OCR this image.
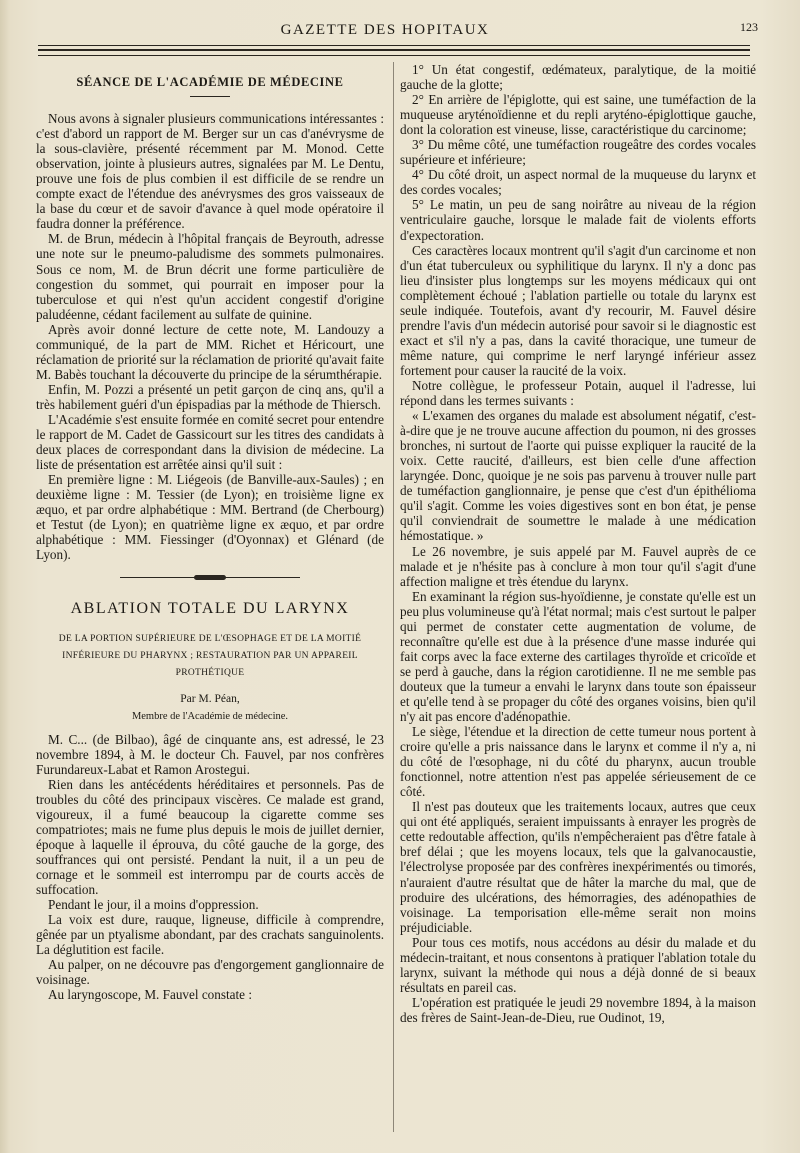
GAZETTE DES HOPITAUX	123
SÉANCE DE L'ACADÉMIE DE MÉDECINE

Nous avons à signaler plusieurs communications intéressantes : c'est d'abord un rapport de M. Berger sur un cas d'anévrysme de la sous-clavière, présenté récemment par M. Monod. Cette observation, jointe à plusieurs autres, signalées par M. Le Dentu, prouve une fois de plus combien il est difficile de se rendre un compte exact de l'étendue des anévrysmes des gros vaisseaux de la base du cœur et de savoir d'avance à quel mode opératoire il faudra donner la préférence.

M. de Brun, médecin à l'hôpital français de Beyrouth, adresse une note sur le pneumo-paludisme des sommets pulmonaires. Sous ce nom, M. de Brun décrit une forme particulière de congestion du sommet, qui pourrait en imposer pour la tuberculose et qui n'est qu'un accident congestif d'origine paludéenne, cédant facilement au sulfate de quinine.

Après avoir donné lecture de cette note, M. Landouzy a communiqué, de la part de MM. Richet et Héricourt, une réclamation de priorité sur la réclamation de priorité qu'avait faite M. Babès touchant la découverte du principe de la sérumthérapie.

Enfin, M. Pozzi a présenté un petit garçon de cinq ans, qu'il a très habilement guéri d'un épispadias par la méthode de Thiersch.

L'Académie s'est ensuite formée en comité secret pour entendre le rapport de M. Cadet de Gassicourt sur les titres des candidats à deux places de correspondant dans la division de médecine. La liste de présentation est arrêtée ainsi qu'il suit :

En première ligne : M. Liégeois (de Banville-aux-Saules) ; en deuxième ligne : M. Tessier (de Lyon); en troisième ligne ex æquo, et par ordre alphabétique : MM. Bertrand (de Cherbourg) et Testut (de Lyon); en quatrième ligne ex æquo, et par ordre alphabétique : MM. Fiessinger (d'Oyonnax) et Glénard (de Lyon).

ABLATION TOTALE DU LARYNX
DE LA PORTION SUPÉRIEURE DE L'ŒSOPHAGE ET DE LA MOITIÉ INFÉRIEURE DU PHARYNX ; RESTAURATION PAR UN APPAREIL PROTHÉTIQUE
Par M. Péan,
Membre de l'Académie de médecine.

M. C... (de Bilbao), âgé de cinquante ans, est adressé, le 23 novembre 1894, à M. le docteur Ch. Fauvel, par nos confrères Furundareux-Labat et Ramon Arostegui.

Rien dans les antécédents héréditaires et personnels. Pas de troubles du côté des principaux viscères. Ce malade est grand, vigoureux, il a fumé beaucoup la cigarette comme ses compatriotes; mais ne fume plus depuis le mois de juillet dernier, époque à laquelle il éprouva, du côté gauche de la gorge, des souffrances qui ont persisté. Pendant la nuit, il a un peu de cornage et le sommeil est interrompu par de courts accès de suffocation.

Pendant le jour, il a moins d'oppression.

La voix est dure, rauque, ligneuse, difficile à comprendre, gênée par un ptyalisme abondant, par des crachats sanguinolents. La déglutition est facile.

Au palper, on ne découvre pas d'engorgement ganglionnaire de voisinage.

Au laryngoscope, M. Fauvel constate :

1° Un état congestif, œdémateux, paralytique, de la moitié gauche de la glotte;

2° En arrière de l'épiglotte, qui est saine, une tuméfaction de la muqueuse aryténoïdienne et du repli aryténo-épiglottique gauche, dont la coloration est vineuse, lisse, caractéristique du carcinome;

3° Du même côté, une tuméfaction rougeâtre des cordes vocales supérieure et inférieure;

4° Du côté droit, un aspect normal de la muqueuse du larynx et des cordes vocales;

5° Le matin, un peu de sang noirâtre au niveau de la région ventriculaire gauche, lorsque le malade fait de violents efforts d'expectoration.

Ces caractères locaux montrent qu'il s'agit d'un carcinome et non d'un état tuberculeux ou syphilitique du larynx. Il n'y a donc pas lieu d'insister plus longtemps sur les moyens médicaux qui ont complètement échoué ; l'ablation partielle ou totale du larynx est seule indiquée. Toutefois, avant d'y recourir, M. Fauvel désire prendre l'avis d'un médecin autorisé pour savoir si le diagnostic est exact et s'il n'y a pas, dans la cavité thoracique, une tumeur de même nature, qui comprime le nerf laryngé inférieur assez fortement pour causer la raucité de la voix.

Notre collègue, le professeur Potain, auquel il l'adresse, lui répond dans les termes suivants :

« L'examen des organes du malade est absolument négatif, c'est-à-dire que je ne trouve aucune affection du poumon, ni des grosses bronches, ni surtout de l'aorte qui puisse expliquer la raucité de la voix. Cette raucité, d'ailleurs, est bien celle d'une affection laryngée. Donc, quoique je ne sois pas parvenu à trouver nulle part de tuméfaction ganglionnaire, je pense que c'est d'un épithélioma qu'il s'agit. Comme les voies digestives sont en bon état, je pense qu'il conviendrait de soumettre le malade à une médication hémostatique. »

Le 26 novembre, je suis appelé par M. Fauvel auprès de ce malade et je n'hésite pas à conclure à mon tour qu'il s'agit d'une affection maligne et très étendue du larynx.

En examinant la région sus-hyoïdienne, je constate qu'elle est un peu plus volumineuse qu'à l'état normal; mais c'est surtout le palper qui permet de constater cette augmentation de volume, de reconnaître qu'elle est due à la présence d'une masse indurée qui fait corps avec la face externe des cartilages thyroïde et cricoïde et se perd à gauche, dans la région carotidienne. Il ne me semble pas douteux que la tumeur a envahi le larynx dans toute son épaisseur et qu'elle tend à se propager du côté des organes voisins, bien qu'il n'y ait pas encore d'adénopathie.

Le siège, l'étendue et la direction de cette tumeur nous portent à croire qu'elle a pris naissance dans le larynx et comme il n'y a, ni du côté de l'œsophage, ni du côté du pharynx, aucun trouble fonctionnel, notre attention n'est pas appelée sérieusement de ce côté.

Il n'est pas douteux que les traitements locaux, autres que ceux qui ont été appliqués, seraient impuissants à enrayer les progrès de cette redoutable affection, qu'ils n'empêcheraient pas d'être fatale à bref délai ; que les moyens locaux, tels que la galvanocaustie, l'électrolyse proposée par des confrères inexpérimentés ou timorés, n'auraient d'autre résultat que de hâter la marche du mal, que de produire des ulcérations, des hémorragies, des adénopathies de voisinage. La temporisation elle-même serait non moins préjudiciable.

Pour tous ces motifs, nous accédons au désir du malade et du médecin-traitant, et nous consentons à pratiquer l'ablation totale du larynx, suivant la méthode qui nous a déjà donné de si beaux résultats en pareil cas.

L'opération est pratiquée le jeudi 29 novembre 1894, à la maison des frères de Saint-Jean-de-Dieu, rue Oudinot, 19,
